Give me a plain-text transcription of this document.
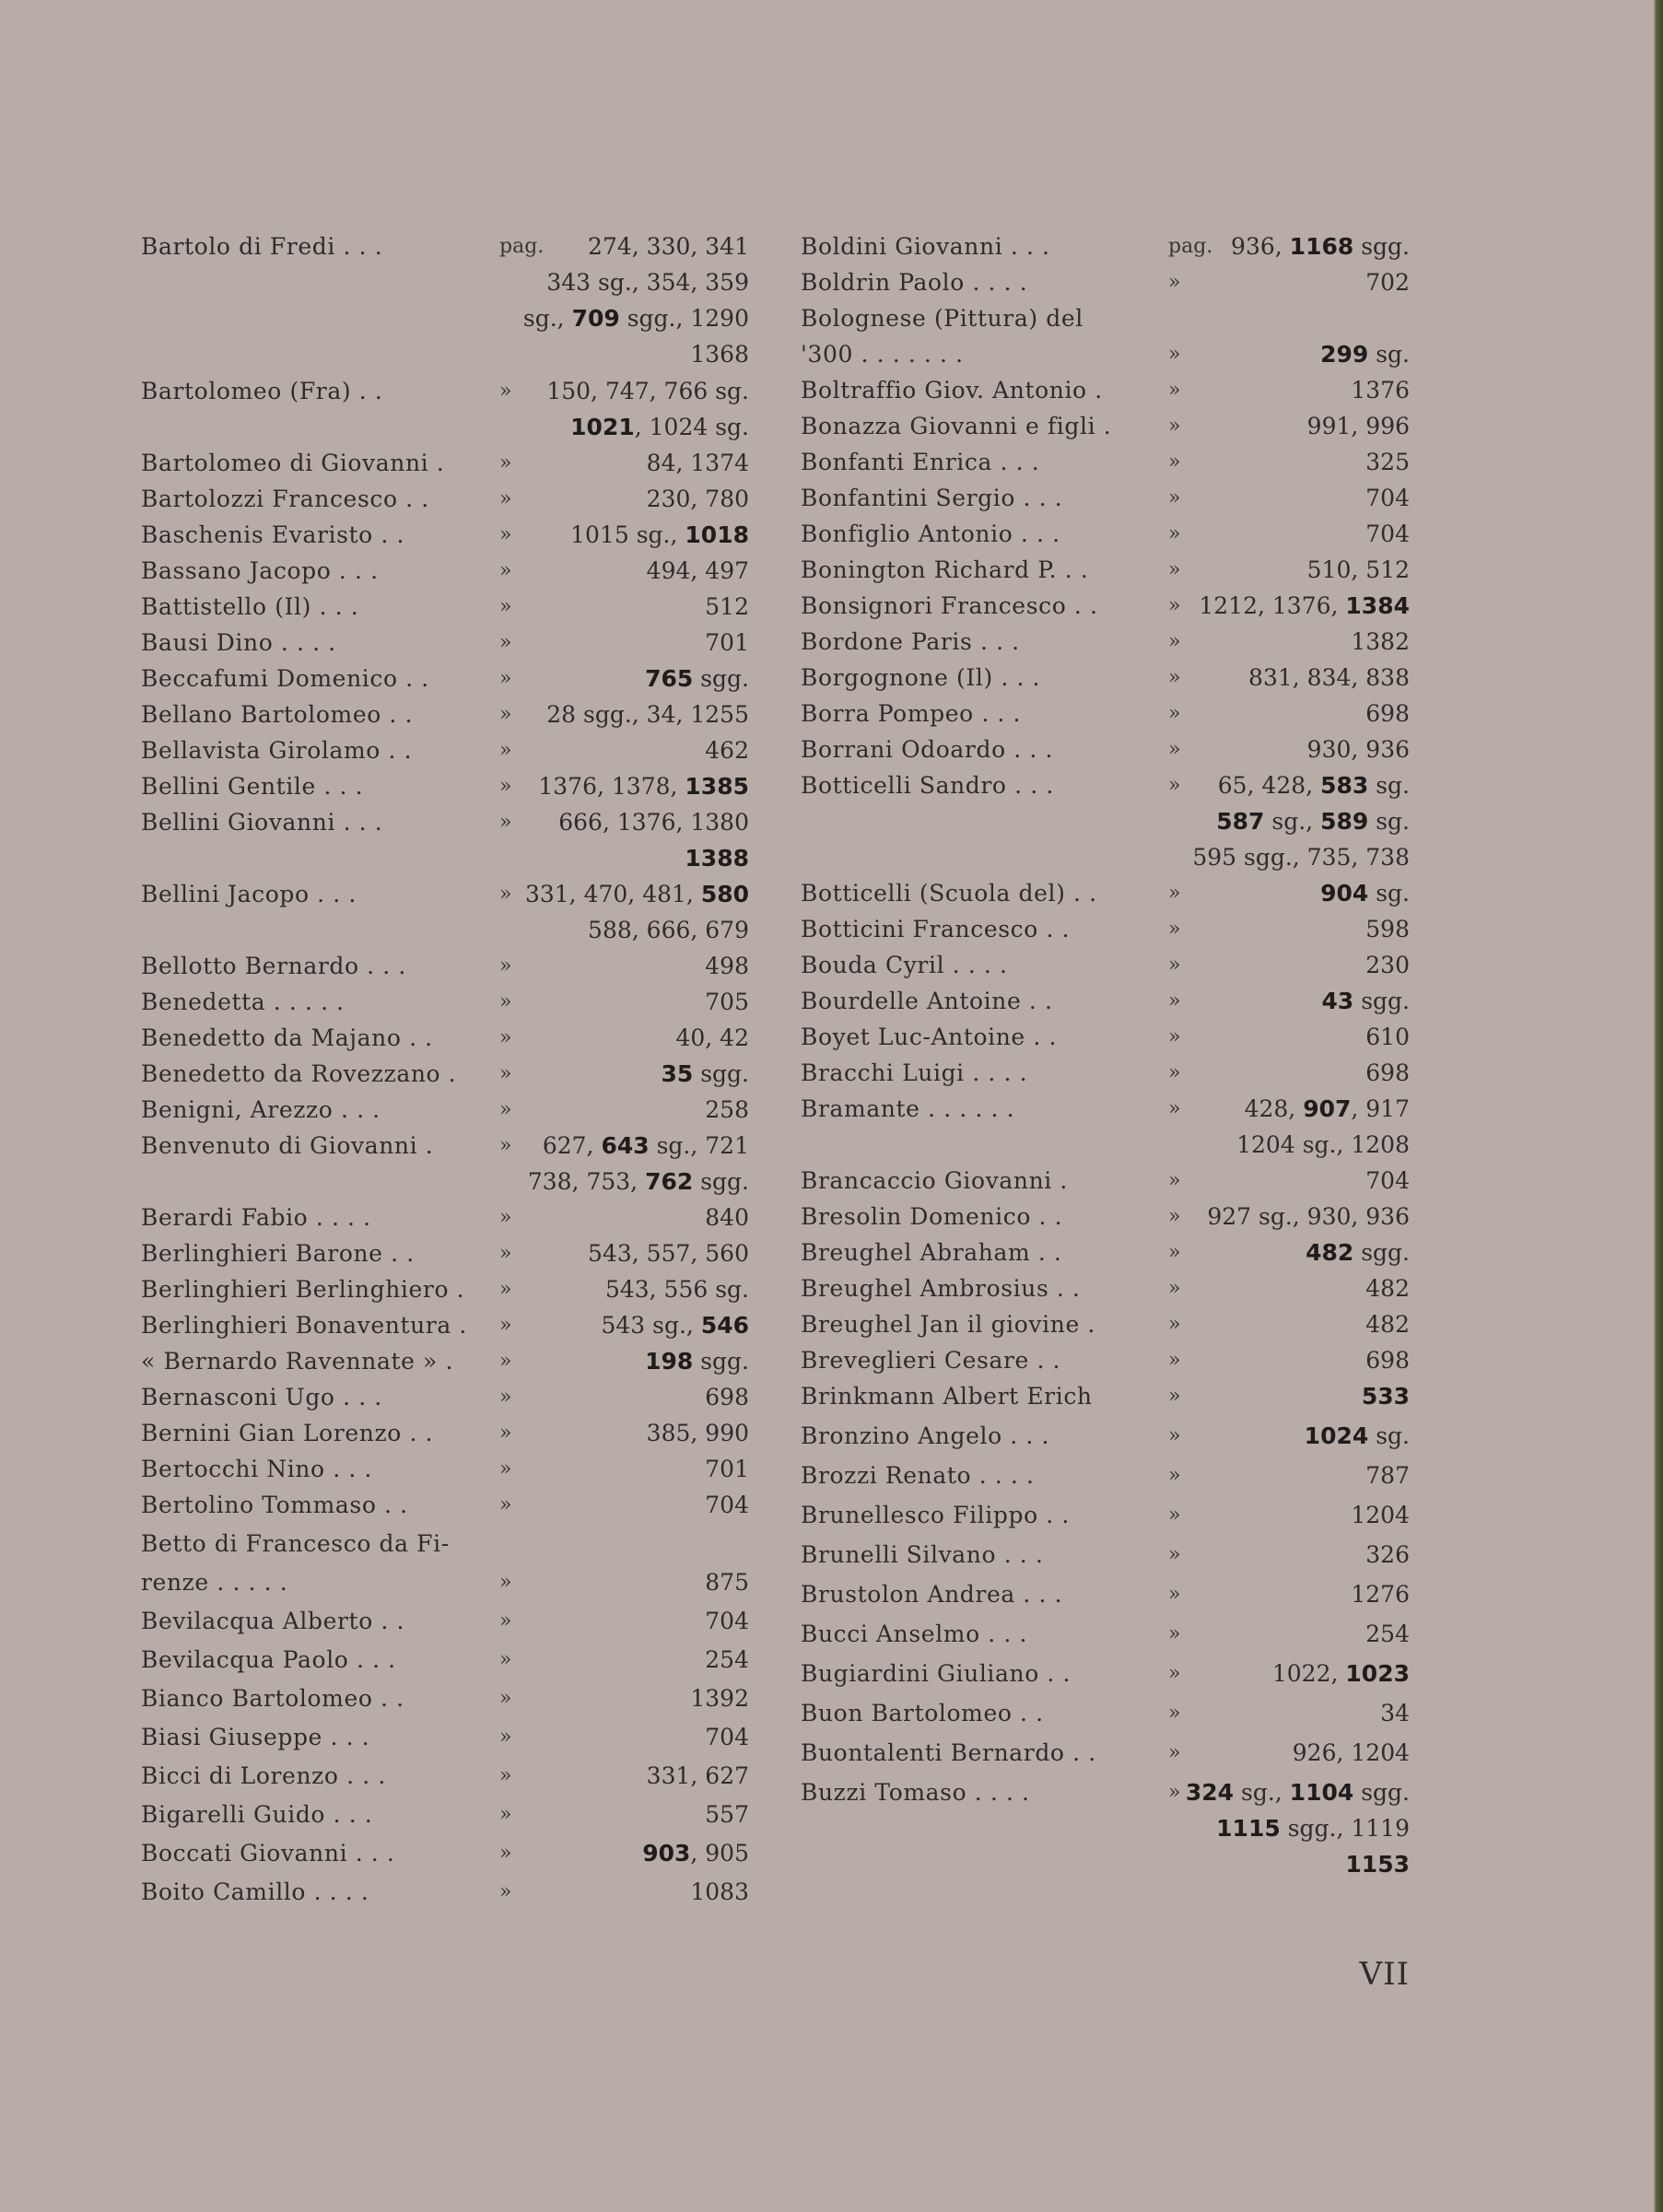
Bartolo di Fredi . . .	pag.	274, 330, 341
343 sg., 354, 359
sg., 709 sgg., 1290
1368
Bartolomeo (Fra) . .	» 150, 747, 766 sg.
1021, 1024 sg.
Bartolomeo di Giovanni .	»	84, 1374
Bartolozzi Francesco . .	»	230, 780
Baschenis Evaristo . .	»	1015 sg., 1018
Bassano Jacopo . . .	»	494, 497
Battistello (Il) . . .	»	512
Bausi Dino . . . .	»	701
Beccafumi Domenico . .	»	765 sgg.
Bellano Bartolomeo . .	» 28 sgg., 34, 1255
Bellavista Girolamo . .	»	462
Bellini Gentile . . .	» 1376, 1378, 1385
Bellini Giovanni . . .	» 666, 1376, 1380
1388
Bellini Jacopo . . .	» 331, 470, 481, 580
588, 666, 679
Bellotto Bernardo . . .	»	498
Benedetta . . . . .	»	705
Benedetto da Majano . .	»	40, 42
Benedetto da Rovezzano .	»	35 sgg.
Benigni, Arezzo . . .	»	258
Benvenuto di Giovanni .	»	627, 643 sg., 721
738, 753, 762 sgg.
Berardi Fabio . . . .	»	840
Berlinghieri Barone . .	»	543, 557, 560
Berlinghieri Berlinghiero .	»	543, 556 sg.
Berlinghieri Bonaventura .	»	543 sg., 546
« Bernardo Ravennate » .	»	198 sgg.
Bernasconi Ugo . . .	»	698
Bernini Gian Lorenzo . .	»	385, 990
Bertocchi Nino . . .	»	701
Bertolino Tommaso . .	»	704
Betto di Francesco da Fi-
renze . . . . .	»	875
Bevilacqua Alberto . .	»	704
Bevilacqua Paolo . . .	»	254
Bianco Bartolomeo . .	»	1392
Biasi Giuseppe . . .	»	704
Bicci di Lorenzo . . .	»	331, 627
Bigarelli Guido . . .	»	557
Boccati Giovanni . . .	»	903, 905
Boito Camillo . . . .	»	1083
Boldini Giovanni . . .	pag. 936, 1168 sgg.
Boldrin Paolo . . . .	»	702
Bolognese (Pittura) del
'300 . . . . . . .	»	299 sg.
Boltraffio Giov. Antonio .	»	1376
Bonazza Giovanni e figli .	»	991, 996
Bonfanti Enrica . . .	»	325
Bonfantini Sergio . . .	»	704
Bonfiglio Antonio . . .	»	704
Bonington Richard P. . .	»	510, 512
Bonsignori Francesco . .	» 1212, 1376, 1384
Bordone Paris . . .	»	1382
Borgognone (Il) . . .	»	831, 834, 838
Borra Pompeo . . .	»	698
Borrani Odoardo . . .	»	930, 936
Botticelli Sandro . . .	»	65, 428, 583 sg.
587 sg., 589 sg.
595 sgg., 735, 738
Botticelli (Scuola del) . .	»	904 sg.
Botticini Francesco . .	»	598
Bouda Cyril . . . .	»	230
Bourdelle Antoine . .	»	43 sgg.
Boyet Luc-Antoine . .	»	610
Bracchi Luigi . . . .	»	698
Bramante . . . . . .	»	428, 907, 917
1204 sg., 1208
Brancaccio Giovanni .	»	704
Bresolin Domenico . .	» 927 sg., 930, 936
Breughel Abraham . .	»	482 sgg.
Breughel Ambrosius . .	»	482
Breughel Jan il giovine .	»	482
Breveglieri Cesare . .	»	698
Brinkmann Albert Erich	»	533
Bronzino Angelo . . .	»	1024 sg.
Brozzi Renato . . . .	»	787
Brunellesco Filippo . .	»	1204
Brunelli Silvano . . .	»	326
Brustolon Andrea . . .	»	1276
Bucci Anselmo . . .	»	254
Bugiardini Giuliano . .	»	1022, 1023
Buon Bartolomeo . .	»	34
Buontalenti Bernardo . .	»	926, 1204
Buzzi Tomaso . . . .	» 324 sg., 1104 sgg.
1115 sgg., 1119
1153
VII
